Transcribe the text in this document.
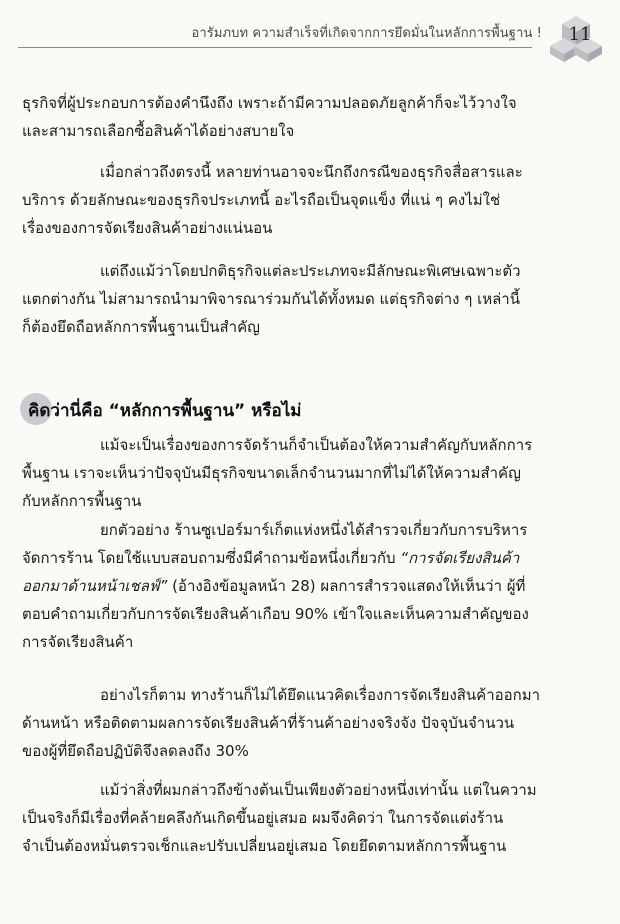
อารัมภบท ความสำเร็จที่เกิดจากการยึดมั่นในหลักการพื้นฐาน !	11
ธุรกิจที่ผู้ประกอบการต้องคำนึงถึง เพราะถ้ามีความปลอดภัยลูกค้าก็จะไว้วางใจ
และสามารถเลือกซื้อสินค้าได้อย่างสบายใจ
เมื่อกล่าวถึงตรงนี้ หลายท่านอาจจะนึกถึงกรณีของธุรกิจสื่อสารและ
บริการ ด้วยลักษณะของธุรกิจประเภทนี้ อะไรถือเป็นจุดแข็ง ที่แน่ ๆ คงไม่ใช่
เรื่องของการจัดเรียงสินค้าอย่างแน่นอน
แต่ถึงแม้ว่าโดยปกติธุรกิจแต่ละประเภทจะมีลักษณะพิเศษเฉพาะตัว
แตกต่างกัน ไม่สามารถนำมาพิจารณาร่วมกันได้ทั้งหมด แต่ธุรกิจต่าง ๆ เหล่านี้
ก็ต้องยึดถือหลักการพื้นฐานเป็นสำคัญ
คิดว่านี่คือ “หลักการพื้นฐาน” หรือไม่
แม้จะเป็นเรื่องของการจัดร้านก็จำเป็นต้องให้ความสำคัญกับหลักการ
พื้นฐาน เราจะเห็นว่าปัจจุบันมีธุรกิจขนาดเล็กจำนวนมากที่ไม่ได้ให้ความสำคัญ
กับหลักการพื้นฐาน
ยกตัวอย่าง ร้านซูเปอร์มาร์เก็ตแห่งหนึ่งได้สำรวจเกี่ยวกับการบริหาร
จัดการร้าน โดยใช้แบบสอบถามซึ่งมีคำถามข้อหนึ่งเกี่ยวกับ “การจัดเรียงสินค้า
ออกมาด้านหน้าเชลฟ์” (อ้างอิงข้อมูลหน้า 28) ผลการสำรวจแสดงให้เห็นว่า ผู้ที่
ตอบคำถามเกี่ยวกับการจัดเรียงสินค้าเกือบ 90% เข้าใจและเห็นความสำคัญของ
การจัดเรียงสินค้า
อย่างไรก็ตาม ทางร้านก็ไม่ได้ยึดแนวคิดเรื่องการจัดเรียงสินค้าออกมา
ด้านหน้า หรือติดตามผลการจัดเรียงสินค้าที่ร้านค้าอย่างจริงจัง ปัจจุบันจำนวน
ของผู้ที่ยึดถือปฏิบัติจึงลดลงถึง 30%
แม้ว่าสิ่งที่ผมกล่าวถึงข้างต้นเป็นเพียงตัวอย่างหนึ่งเท่านั้น แต่ในความ
เป็นจริงก็มีเรื่องที่คล้ายคลึงกันเกิดขึ้นอยู่เสมอ ผมจึงคิดว่า ในการจัดแต่งร้าน
จำเป็นต้องหมั่นตรวจเช็กและปรับเปลี่ยนอยู่เสมอ โดยยึดตามหลักการพื้นฐาน
